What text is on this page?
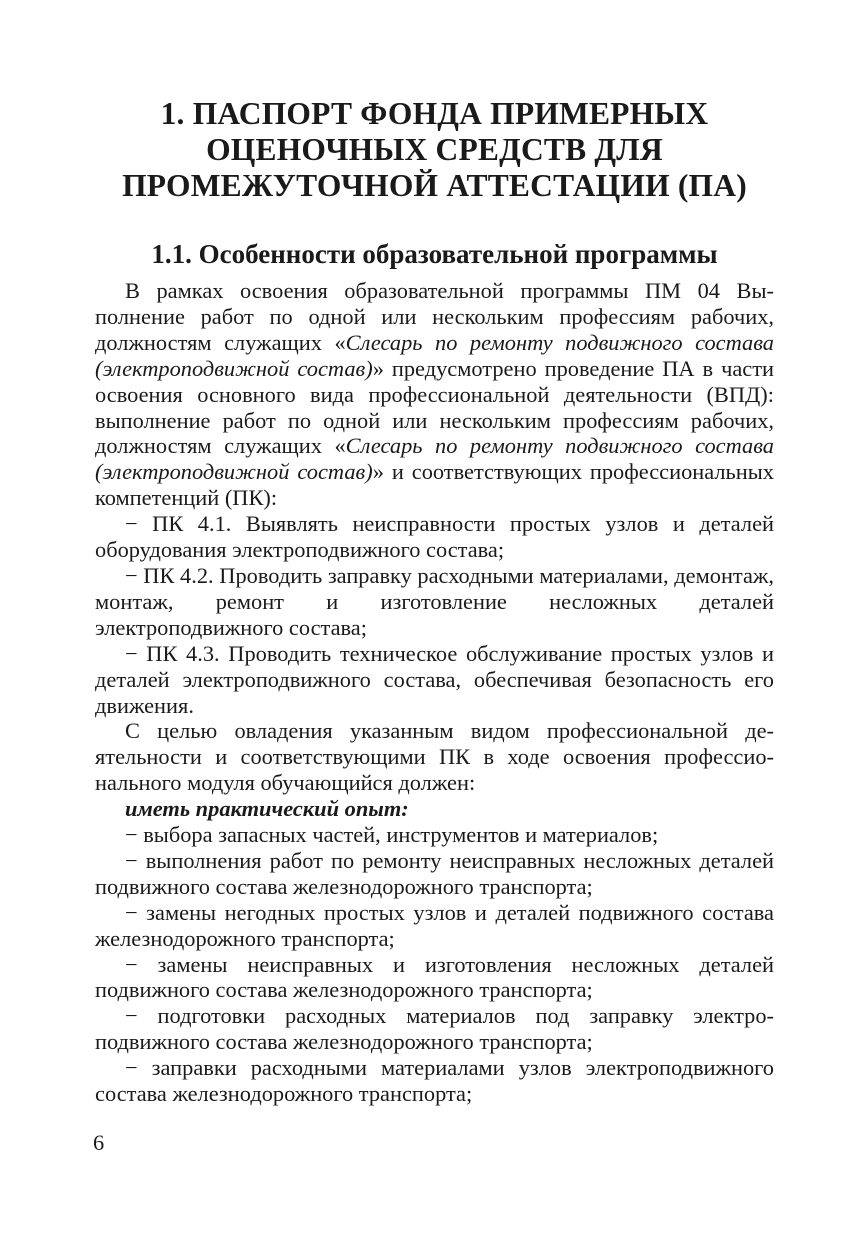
1. ПАСПОРТ ФОНДА ПРИМЕРНЫХ
ОЦЕНОЧНЫХ СРЕДСТВ ДЛЯ
ПРОМЕЖУТОЧНОЙ АТТЕСТАЦИИ (ПА)
1.1. Особенности образовательной программы

В рамках освоения образовательной программы ПМ 04 Выполнение работ по одной или нескольким профессиям рабочих, должностям служащих «Слесарь по ремонту подвижного состава (электроподвижной состав)» предусмотрено проведение ПА в части освоения основного вида профессиональной деятельности (ВПД): выполнение работ по одной или нескольким профессиям рабочих, должностям служащих «Слесарь по ремонту подвижного состава (электроподвижной состав)» и соответствующих профессиональных компетенций (ПК):

− ПК 4.1. Выявлять неисправности простых узлов и деталей оборудования электроподвижного состава;

− ПК 4.2. Проводить заправку расходными материалами, демонтаж, монтаж, ремонт и изготовление несложных деталей электроподвижного состава;

− ПК 4.3. Проводить техническое обслуживание простых узлов и деталей электроподвижного состава, обеспечивая безопасность его движения.

С целью овладения указанным видом профессиональной деятельности и соответствующими ПК в ходе освоения профессионального модуля обучающийся должен:

иметь практический опыт:

− выбора запасных частей, инструментов и материалов;

− выполнения работ по ремонту неисправных несложных деталей подвижного состава железнодорожного транспорта;

− замены негодных простых узлов и деталей подвижного состава железнодорожного транспорта;

− замены неисправных и изготовления несложных деталей подвижного состава железнодорожного транспорта;

− подготовки расходных материалов под заправку электроподвижного состава железнодорожного транспорта;

− заправки расходными материалами узлов электроподвижного состава железнодорожного транспорта;

6
